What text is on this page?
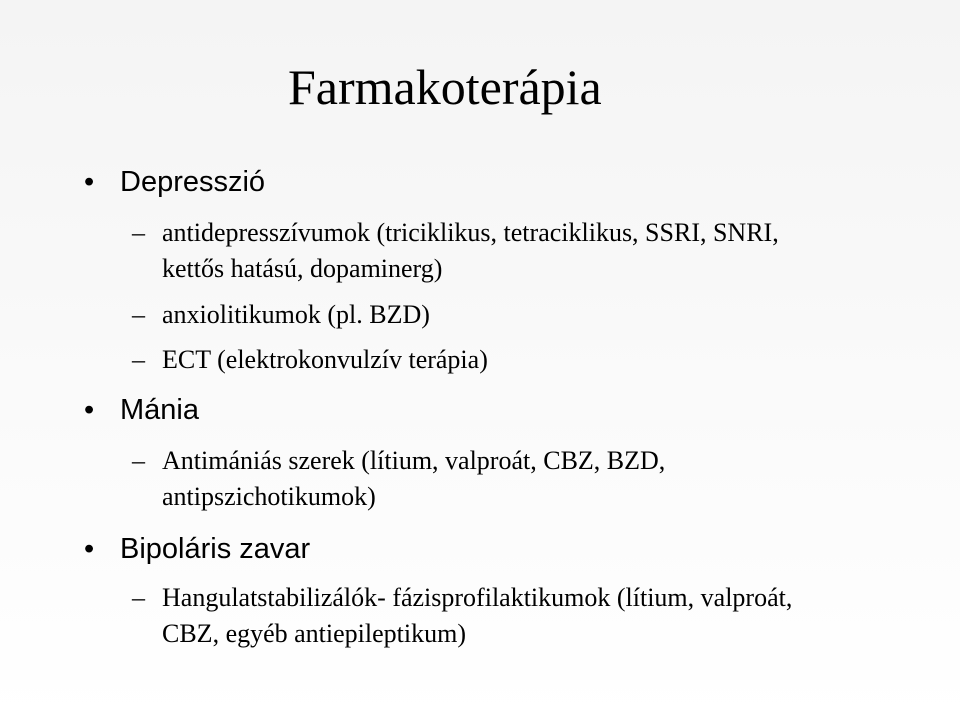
Farmakoterápia
• Depresszió
– antidepresszívumok (triciklikus, tetraciklikus, SSRI, SNRI, kettős hatású, dopaminerg)
– anxiolitikumok (pl. BZD)
– ECT (elektrokonvulzív terápia)
• Mánia
– Antimániás szerek (lítium, valproát, CBZ, BZD, antipszichotikumok)
• Bipoláris zavar
– Hangulatstabilizálók- fázisprofilaktikumok (lítium, valproát, CBZ, egyéb antiepileptikum)
